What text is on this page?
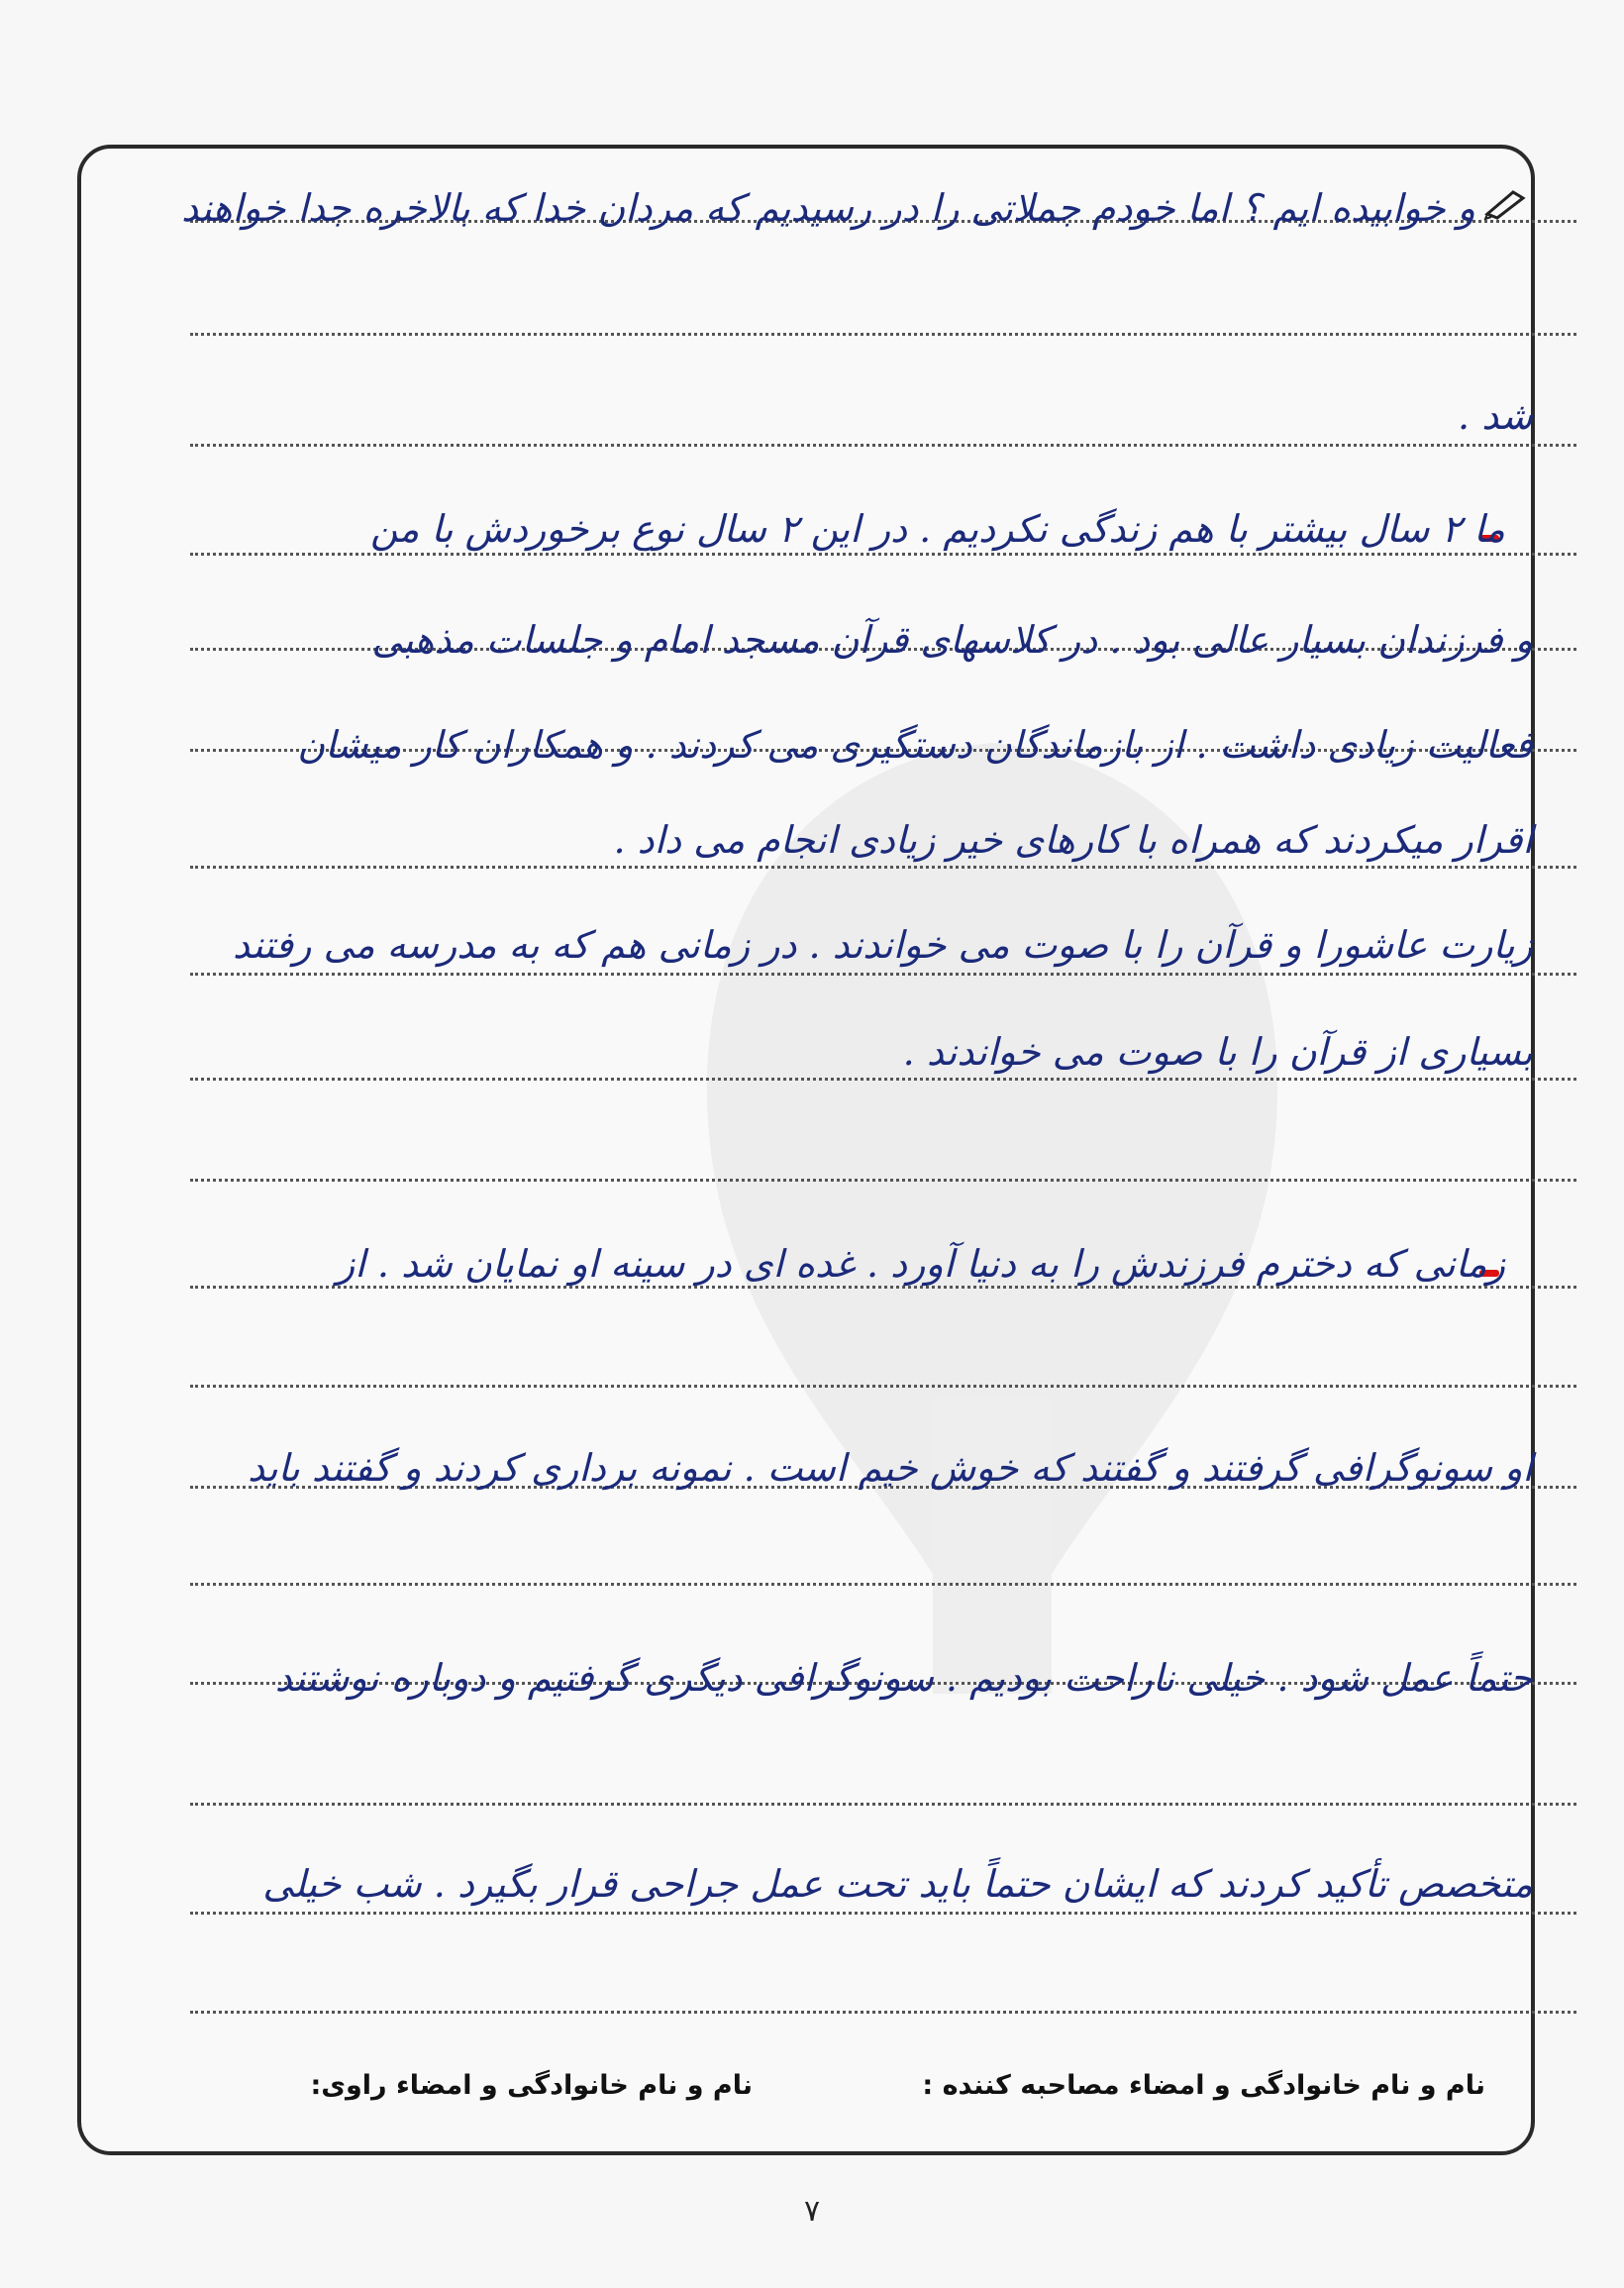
و خوابیده ایم ؟ اما خودم جملاتی را در رسیدیم که مردان خدا که بالاخره جدا خواهند
شد .
ما ۲ سال بیشتر با هم زندگی نکردیم . در این ۲ سال نوع برخوردش با من
و فرزندان بسیار عالی بود . در کلاسهای قرآن مسجد امام و جلسات مذهبی
فعالیت زیادی داشت . از بازماندگان دستگیری می کردند . و همکاران کار میشان
اقرار میکردند که همراه با کارهای خیر زیادی انجام می داد .
زیارت عاشورا و قرآن را با صوت می خواندند . در زمانی هم که به مدرسه می رفتند
بسیاری از قرآن را با صوت می خواندند .
زمانی که دخترم فرزندش را به دنیا آورد . غده ای در سینه او نمایان شد . از
او سونوگرافی گرفتند و گفتند که خوش خیم است . نمونه برداری کردند و گفتند باید
حتماً عمل شود . خیلی ناراحت بودیم . سونوگرافی دیگری گرفتیم و دوباره نوشتند
متخصص تأکید کردند که ایشان حتماً باید تحت عمل جراحی قرار بگیرد . شب خیلی
نام و نام خانوادگی و امضاء مصاحبه کننده :
نام و نام خانوادگی و امضاء راوی:
۷
